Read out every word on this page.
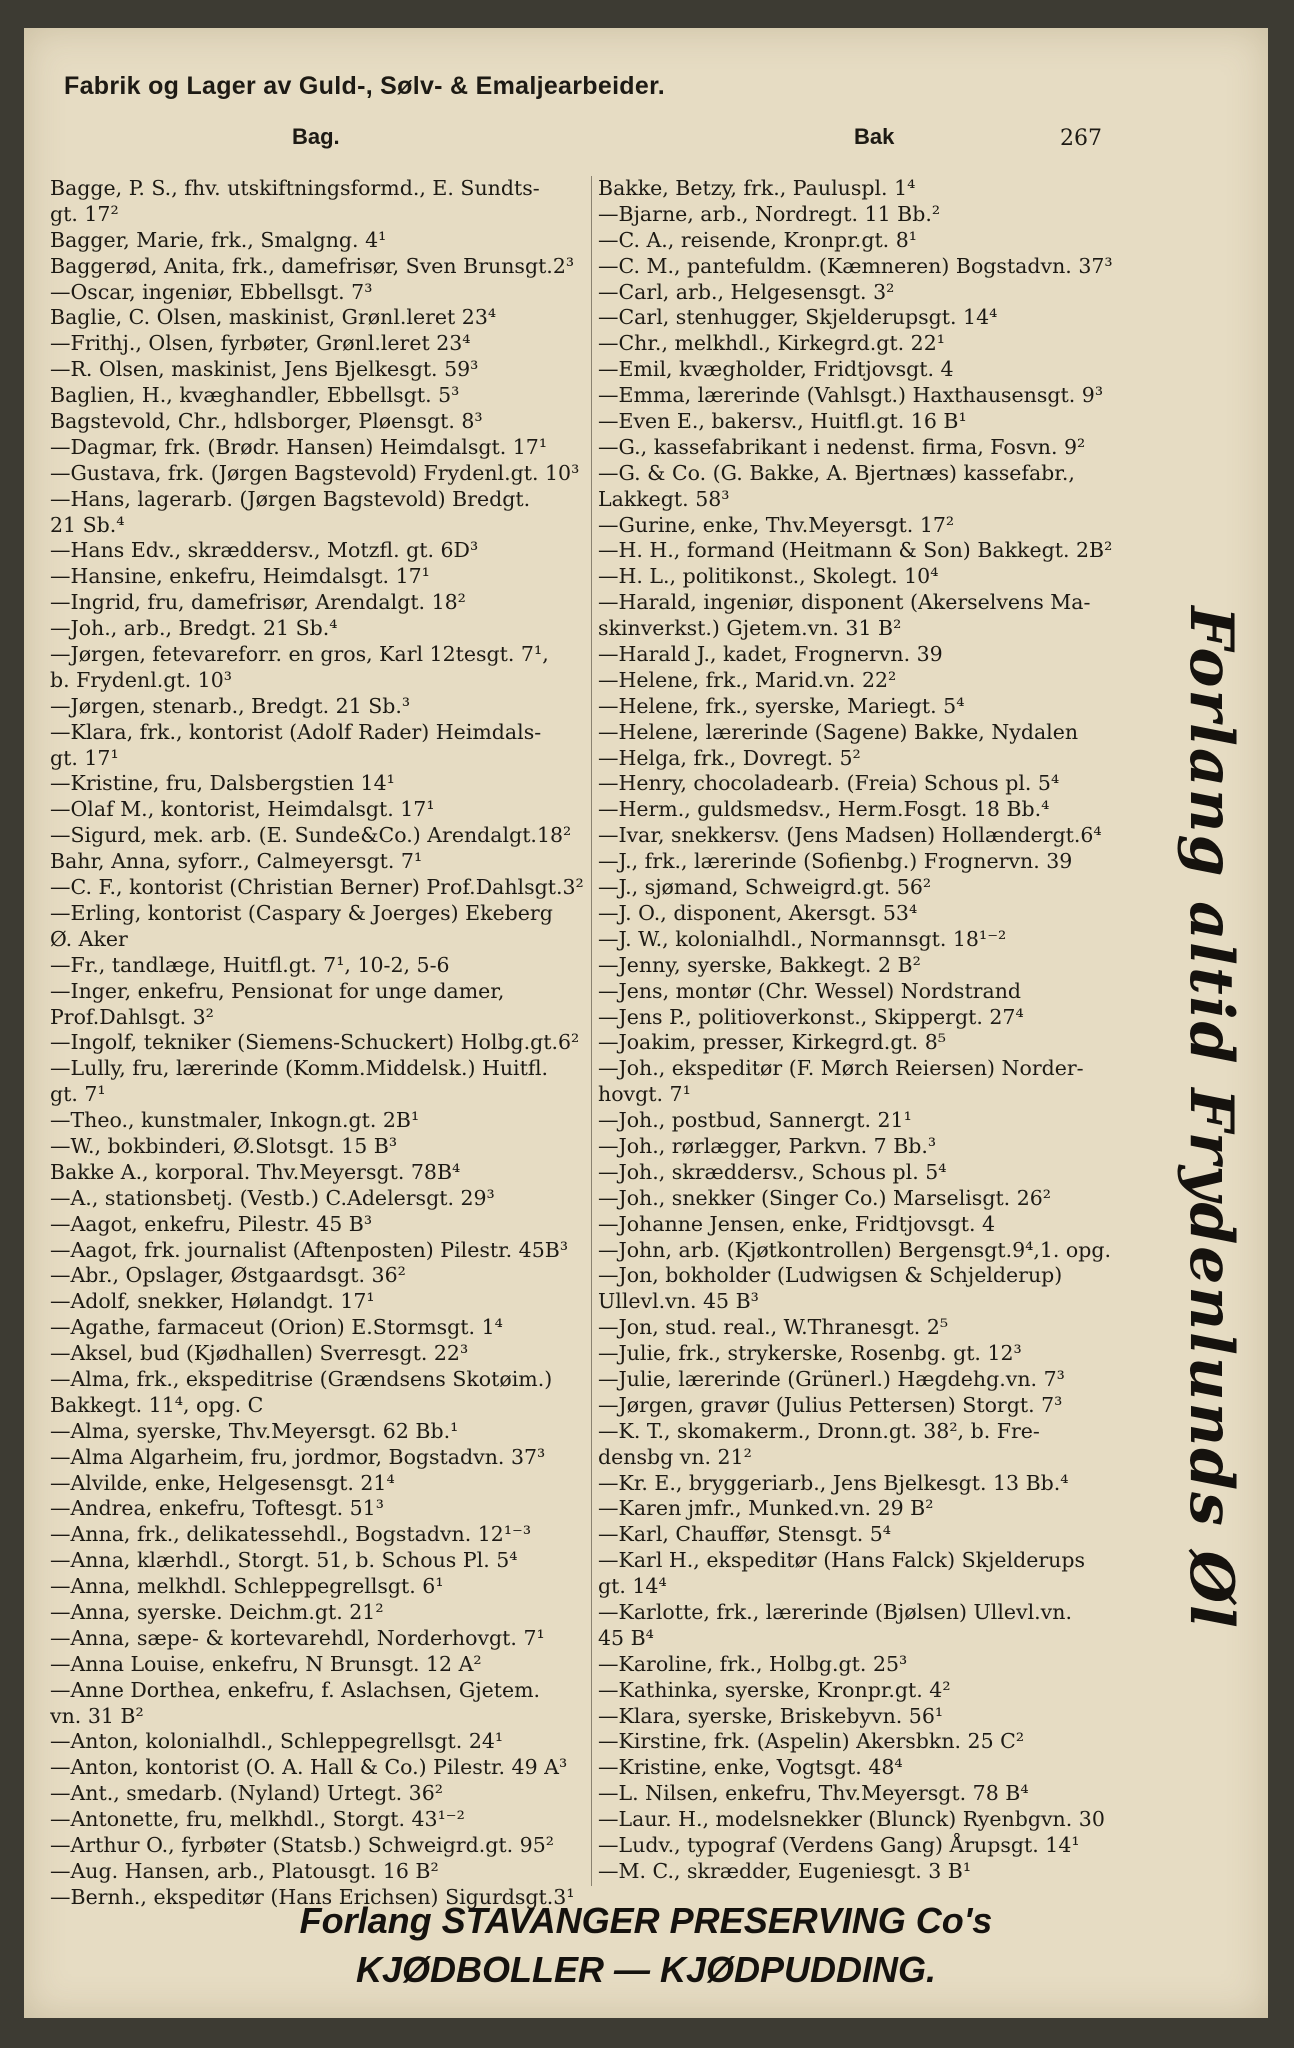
Fabrik og Lager av Guld-, Sølv- & Emaljearbeider.
Bag.	Bak	267
Bagge, P. S., fhv. utskiftningsformd., E. Sundts-
gt. 17²
Bagger, Marie, frk., Smalgng. 4¹
Baggerød, Anita, frk., damefrisør, Sven Brunsgt.2³
—Oscar, ingeniør, Ebbellsgt. 7³
Baglie, C. Olsen, maskinist, Grønl.leret 23⁴
—Frithj., Olsen, fyrbøter, Grønl.leret 23⁴
—R. Olsen, maskinist, Jens Bjelkesgt. 59³
Baglien, H., kvæghandler, Ebbellsgt. 5³
Bagstevold, Chr., hdlsborger, Pløensgt. 8³
—Dagmar, frk. (Brødr. Hansen) Heimdalsgt. 17¹
—Gustava, frk. (Jørgen Bagstevold) Frydenl.gt. 10³
—Hans, lagerarb. (Jørgen Bagstevold) Bredgt.
21 Sb.⁴
—Hans Edv., skræddersv., Motzfl. gt. 6D³
—Hansine, enkefru, Heimdalsgt. 17¹
—Ingrid, fru, damefrisør, Arendalgt. 18²
—Joh., arb., Bredgt. 21 Sb.⁴
—Jørgen, fetevareforr. en gros, Karl 12tesgt. 7¹,
b. Frydenl.gt. 10³
—Jørgen, stenarb., Bredgt. 21 Sb.³
—Klara, frk., kontorist (Adolf Rader) Heimdals-
gt. 17¹
—Kristine, fru, Dalsbergstien 14¹
—Olaf M., kontorist, Heimdalsgt. 17¹
—Sigurd, mek. arb. (E. Sunde&Co.) Arendalgt.18²
Bahr, Anna, syforr., Calmeyersgt. 7¹
—C. F., kontorist (Christian Berner) Prof.Dahlsgt.3²
—Erling, kontorist (Caspary & Joerges) Ekeberg
Ø. Aker
—Fr., tandlæge, Huitfl.gt. 7¹, 10-2, 5-6
—Inger, enkefru, Pensionat for unge damer,
Prof.Dahlsgt. 3²
—Ingolf, tekniker (Siemens-Schuckert) Holbg.gt.6²
—Lully, fru, lærerinde (Komm.Middelsk.) Huitfl.
gt. 7¹
—Theo., kunstmaler, Inkogn.gt. 2B¹
—W., bokbinderi, Ø.Slotsgt. 15 B³
Bakke A., korporal. Thv.Meyersgt. 78B⁴
—A., stationsbetj. (Vestb.) C.Adelersgt. 29³
—Aagot, enkefru, Pilestr. 45 B³
—Aagot, frk. journalist (Aftenposten) Pilestr. 45B³
—Abr., Opslager, Østgaardsgt. 36²
—Adolf, snekker, Hølandgt. 17¹
—Agathe, farmaceut (Orion) E.Stormsgt. 1⁴
—Aksel, bud (Kjødhallen) Sverresgt. 22³
—Alma, frk., ekspeditrise (Grændsens Skotøim.)
Bakkegt. 11⁴, opg. C
—Alma, syerske, Thv.Meyersgt. 62 Bb.¹
—Alma Algarheim, fru, jordmor, Bogstadvn. 37³
—Alvilde, enke, Helgesensgt. 21⁴
—Andrea, enkefru, Toftesgt. 51³
—Anna, frk., delikatessehdl., Bogstadvn. 12¹⁻³
—Anna, klærhdl., Storgt. 51, b. Schous Pl. 5⁴
—Anna, melkhdl. Schleppegrellsgt. 6¹
—Anna, syerske. Deichm.gt. 21²
—Anna, sæpe- & kortevarehdl, Norderhovgt. 7¹
—Anna Louise, enkefru, N Brunsgt. 12 A²
—Anne Dorthea, enkefru, f. Aslachsen, Gjetem.
vn. 31 B²
—Anton, kolonialhdl., Schleppegrellsgt. 24¹
—Anton, kontorist (O. A. Hall & Co.) Pilestr. 49 A³
—Ant., smedarb. (Nyland) Urtegt. 36²
—Antonette, fru, melkhdl., Storgt. 43¹⁻²
—Arthur O., fyrbøter (Statsb.) Schweigrd.gt. 95²
—Aug. Hansen, arb., Platousgt. 16 B²
—Bernh., ekspeditør (Hans Erichsen) Sigurdsgt.3¹
Bakke, Betzy, frk., Pauluspl. 1⁴
—Bjarne, arb., Nordregt. 11 Bb.²
—C. A., reisende, Kronpr.gt. 8¹
—C. M., pantefuldm. (Kæmneren) Bogstadvn. 37³
—Carl, arb., Helgesensgt. 3²
—Carl, stenhugger, Skjelderupsgt. 14⁴
—Chr., melkhdl., Kirkegrd.gt. 22¹
—Emil, kvægholder, Fridtjovsgt. 4
—Emma, lærerinde (Vahlsgt.) Haxthausensgt. 9³
—Even E., bakersv., Huitfl.gt. 16 B¹
—G., kassefabrikant i nedenst. firma, Fosvn. 9²
—G. & Co. (G. Bakke, A. Bjertnæs) kassefabr.,
Lakkegt. 58³
—Gurine, enke, Thv.Meyersgt. 17²
—H. H., formand (Heitmann & Son) Bakkegt. 2B²
—H. L., politikonst., Skolegt. 10⁴
—Harald, ingeniør, disponent (Akerselvens Ma-
skinverkst.) Gjetem.vn. 31 B²
—Harald J., kadet, Frognervn. 39
—Helene, frk., Marid.vn. 22²
—Helene, frk., syerske, Mariegt. 5⁴
—Helene, lærerinde (Sagene) Bakke, Nydalen
—Helga, frk., Dovregt. 5²
—Henry, chocoladearb. (Freia) Schous pl. 5⁴
—Herm., guldsmedsv., Herm.Fosgt. 18 Bb.⁴
—Ivar, snekkersv. (Jens Madsen) Hollændergt.6⁴
—J., frk., lærerinde (Sofienbg.) Frognervn. 39
—J., sjømand, Schweigrd.gt. 56²
—J. O., disponent, Akersgt. 53⁴
—J. W., kolonialhdl., Normannsgt. 18¹⁻²
—Jenny, syerske, Bakkegt. 2 B²
—Jens, montør (Chr. Wessel) Nordstrand
—Jens P., politioverkonst., Skippergt. 27⁴
—Joakim, presser, Kirkegrd.gt. 8⁵
—Joh., ekspeditør (F. Mørch Reiersen) Norder-
hovgt. 7¹
—Joh., postbud, Sannergt. 21¹
—Joh., rørlægger, Parkvn. 7 Bb.³
—Joh., skræddersv., Schous pl. 5⁴
—Joh., snekker (Singer Co.) Marselisgt. 26²
—Johanne Jensen, enke, Fridtjovsgt. 4
—John, arb. (Kjøtkontrollen) Bergensgt.9⁴,1. opg.
—Jon, bokholder (Ludwigsen & Schjelderup)
Ullevl.vn. 45 B³
—Jon, stud. real., W.Thranesgt. 2⁵
—Julie, frk., strykerske, Rosenbg. gt. 12³
—Julie, lærerinde (Grünerl.) Hægdehg.vn. 7³
—Jørgen, gravør (Julius Pettersen) Storgt. 7³
—K. T., skomakerm., Dronn.gt. 38², b. Fre-
densbg vn. 21²
—Kr. E., bryggeriarb., Jens Bjelkesgt. 13 Bb.⁴
—Karen jmfr., Munked.vn. 29 B²
—Karl, Chauffør, Stensgt. 5⁴
—Karl H., ekspeditør (Hans Falck) Skjelderups
gt. 14⁴
—Karlotte, frk., lærerinde (Bjølsen) Ullevl.vn.
45 B⁴
—Karoline, frk., Holbg.gt. 25³
—Kathinka, syerske, Kronpr.gt. 4²
—Klara, syerske, Briskebyvn. 56¹
—Kirstine, frk. (Aspelin) Akersbkn. 25 C²
—Kristine, enke, Vogtsgt. 48⁴
—L. Nilsen, enkefru, Thv.Meyersgt. 78 B⁴
—Laur. H., modelsnekker (Blunck) Ryenbgvn. 30
—Ludv., typograf (Verdens Gang) Årupsgt. 14¹
—M. C., skrædder, Eugeniesgt. 3 B¹
Forlang altid Frydenlunds Øl
Forlang STAVANGER PRESERVING Co's
KJØDBOLLER — KJØDPUDDING.
